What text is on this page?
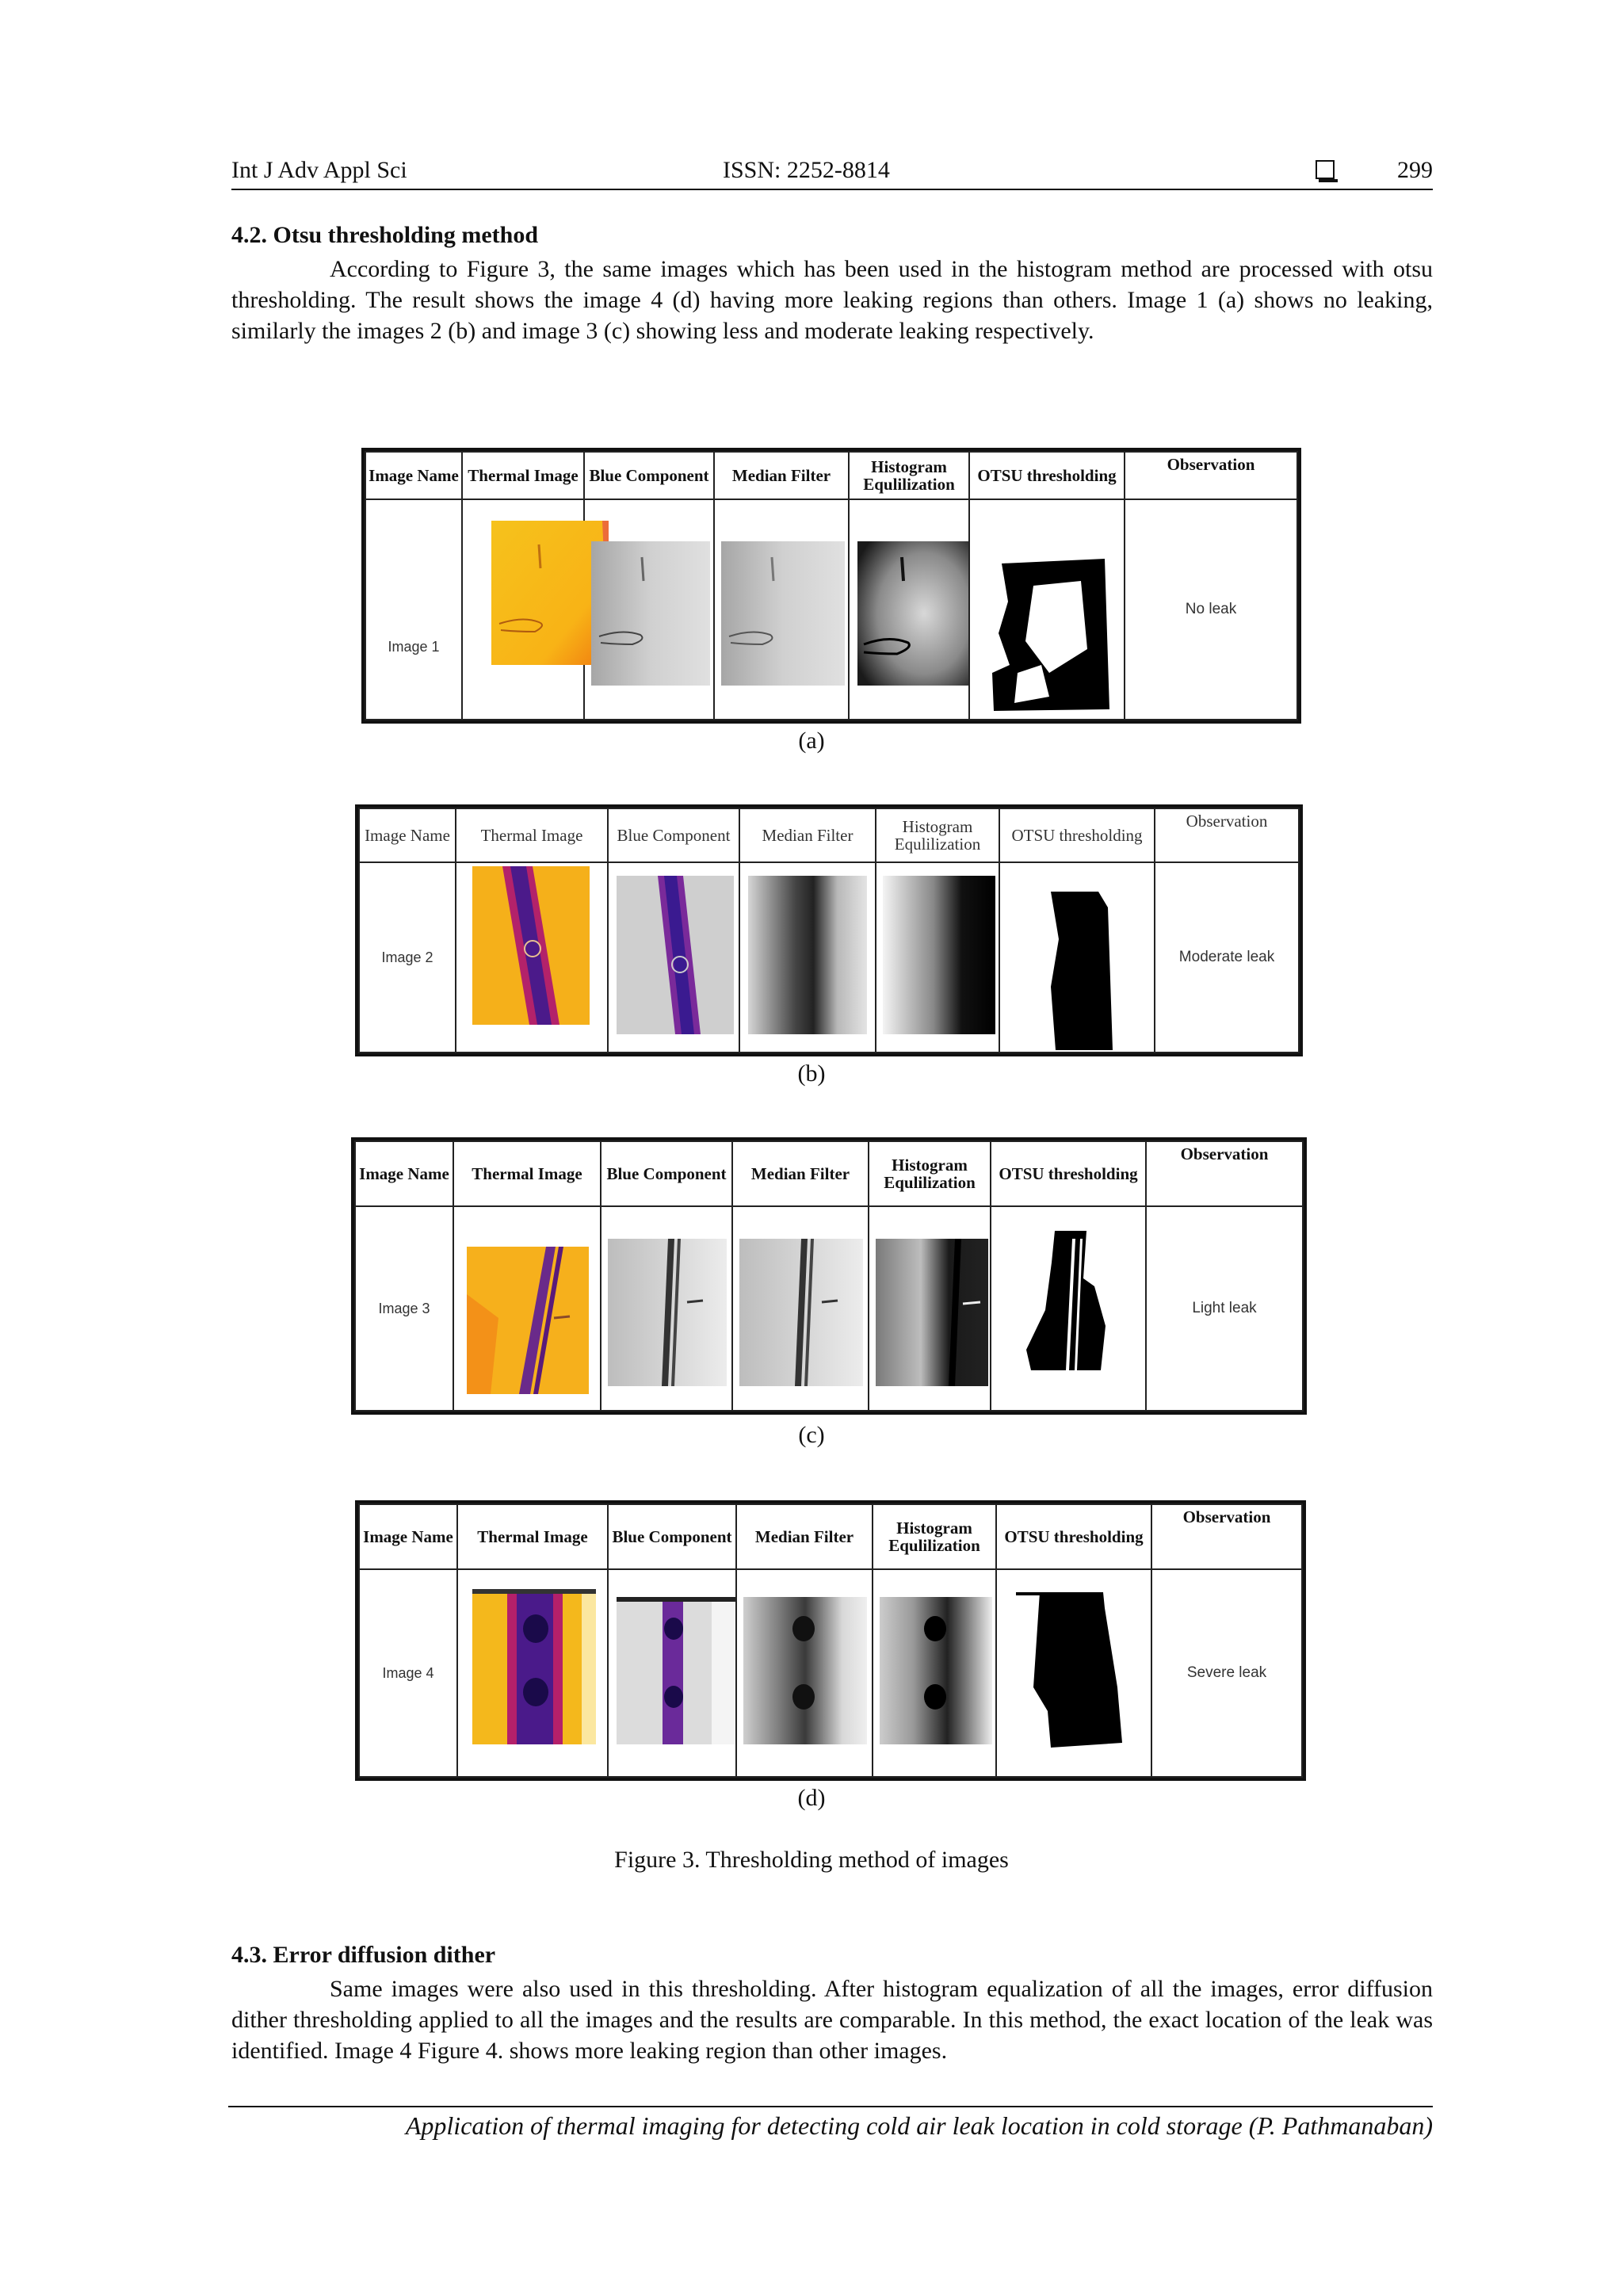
Int J Adv Appl Sci	ISSN: 2252-8814	299
4.2. Otsu thresholding method
According to Figure 3, the same images which has been used in the histogram method are processed with otsu thresholding. The result shows the image 4 (d) having more leaking regions than others. Image 1 (a) shows no leaking, similarly the images 2 (b) and image 3 (c) showing less and moderate leaking respectively.
Image Name	Thermal Image	Blue Component	Median Filter	Histogram Equlilization	OTSU thresholding	Observation
Image 1						No leak
(a)
Image Name	Thermal Image	Blue Component	Median Filter	Histogram Equlilization	OTSU thresholding	Observation
Image 2						Moderate leak
(b)
Image Name	Thermal Image	Blue Component	Median Filter	Histogram Equlilization	OTSU thresholding	Observation
Image 3						Light leak
(c)
Image Name	Thermal Image	Blue Component	Median Filter	Histogram Equlilization	OTSU thresholding	Observation
Image 4						Severe leak
(d)
Figure 3. Thresholding method of images
4.3. Error diffusion dither
Same images were also used in this thresholding. After histogram equalization of all the images, error diffusion dither thresholding applied to all the images and the results are comparable. In this method, the exact location of the leak was identified. Image 4 Figure 4. shows more leaking region than other images.
Application of thermal imaging for detecting cold air leak location in cold storage (P. Pathmanaban)
